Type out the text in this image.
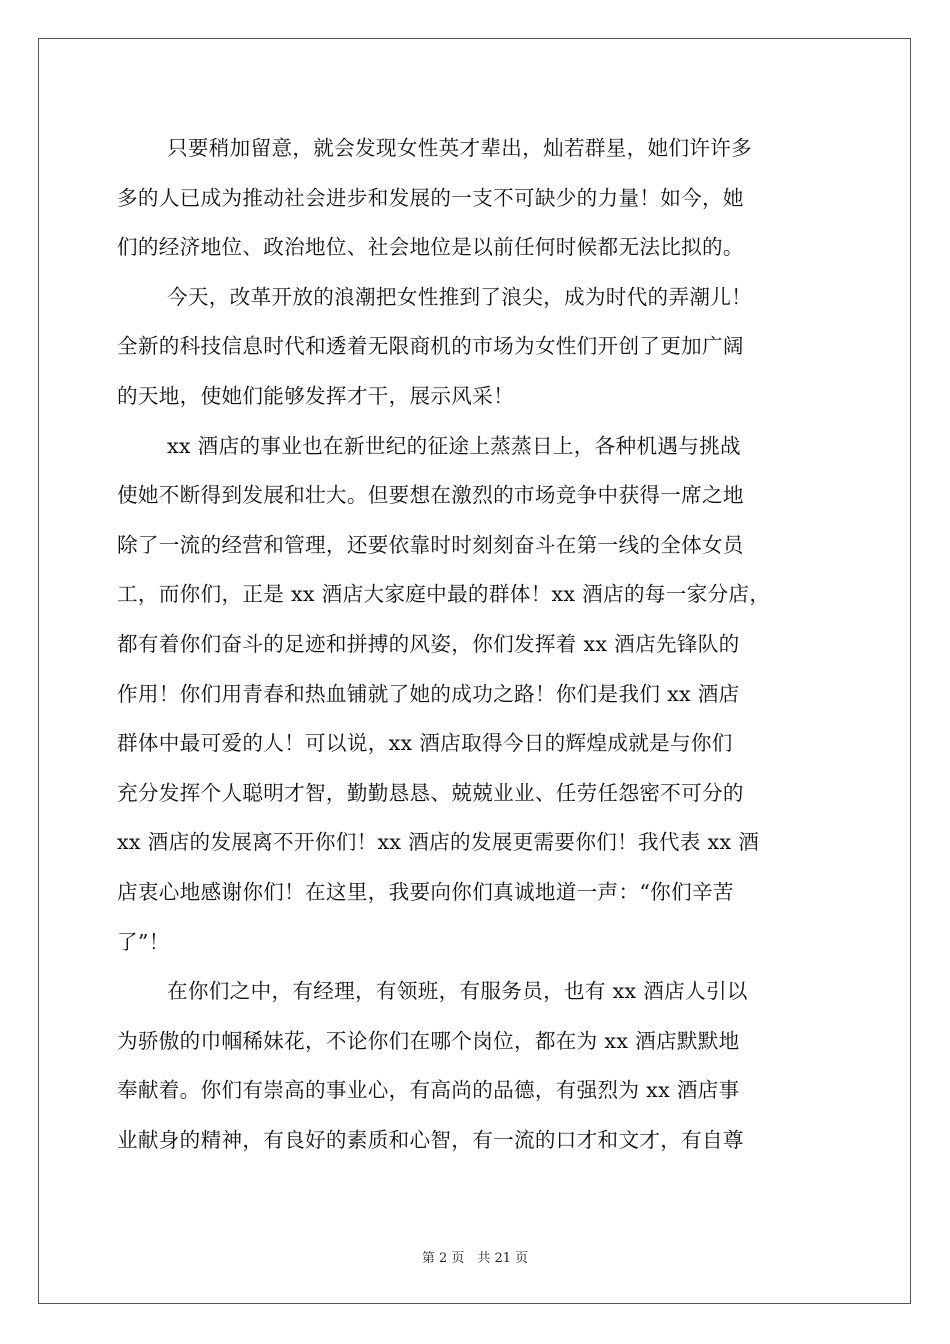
只要稍加留意，就会发现女性英才辈出，灿若群星，她们许许多
多的人已成为推动社会进步和发展的一支不可缺少的力量！如今，她
们的经济地位、政治地位、社会地位是以前任何时候都无法比拟的。
今天，改革开放的浪潮把女性推到了浪尖，成为时代的弄潮儿！
全新的科技信息时代和透着无限商机的市场为女性们开创了更加广阔
的天地，使她们能够发挥才干，展示风采！
xx 酒店的事业也在新世纪的征途上蒸蒸日上，各种机遇与挑战
使她不断得到发展和壮大。但要想在激烈的市场竞争中获得一席之地
除了一流的经营和管理，还要依靠时时刻刻奋斗在第一线的全体女员
工，而你们，正是 xx 酒店大家庭中最的群体！xx 酒店的每一家分店，
都有着你们奋斗的足迹和拼搏的风姿，你们发挥着 xx 酒店先锋队的
作用！你们用青春和热血铺就了她的成功之路！你们是我们 xx 酒店
群体中最可爱的人！可以说，xx 酒店取得今日的辉煌成就是与你们
充分发挥个人聪明才智，勤勤恳恳、兢兢业业、任劳任怨密不可分的
xx 酒店的发展离不开你们！xx 酒店的发展更需要你们！我代表 xx 酒
店衷心地感谢你们！在这里，我要向你们真诚地道一声：“你们辛苦
了”！
在你们之中，有经理，有领班，有服务员，也有 xx 酒店人引以
为骄傲的巾帼稀妹花，不论你们在哪个岗位，都在为 xx 酒店默默地
奉献着。你们有崇高的事业心，有高尚的品德，有强烈为 xx 酒店事
业献身的精神，有良好的素质和心智，有一流的口才和文才，有自尊
第 2 页　共 21 页
